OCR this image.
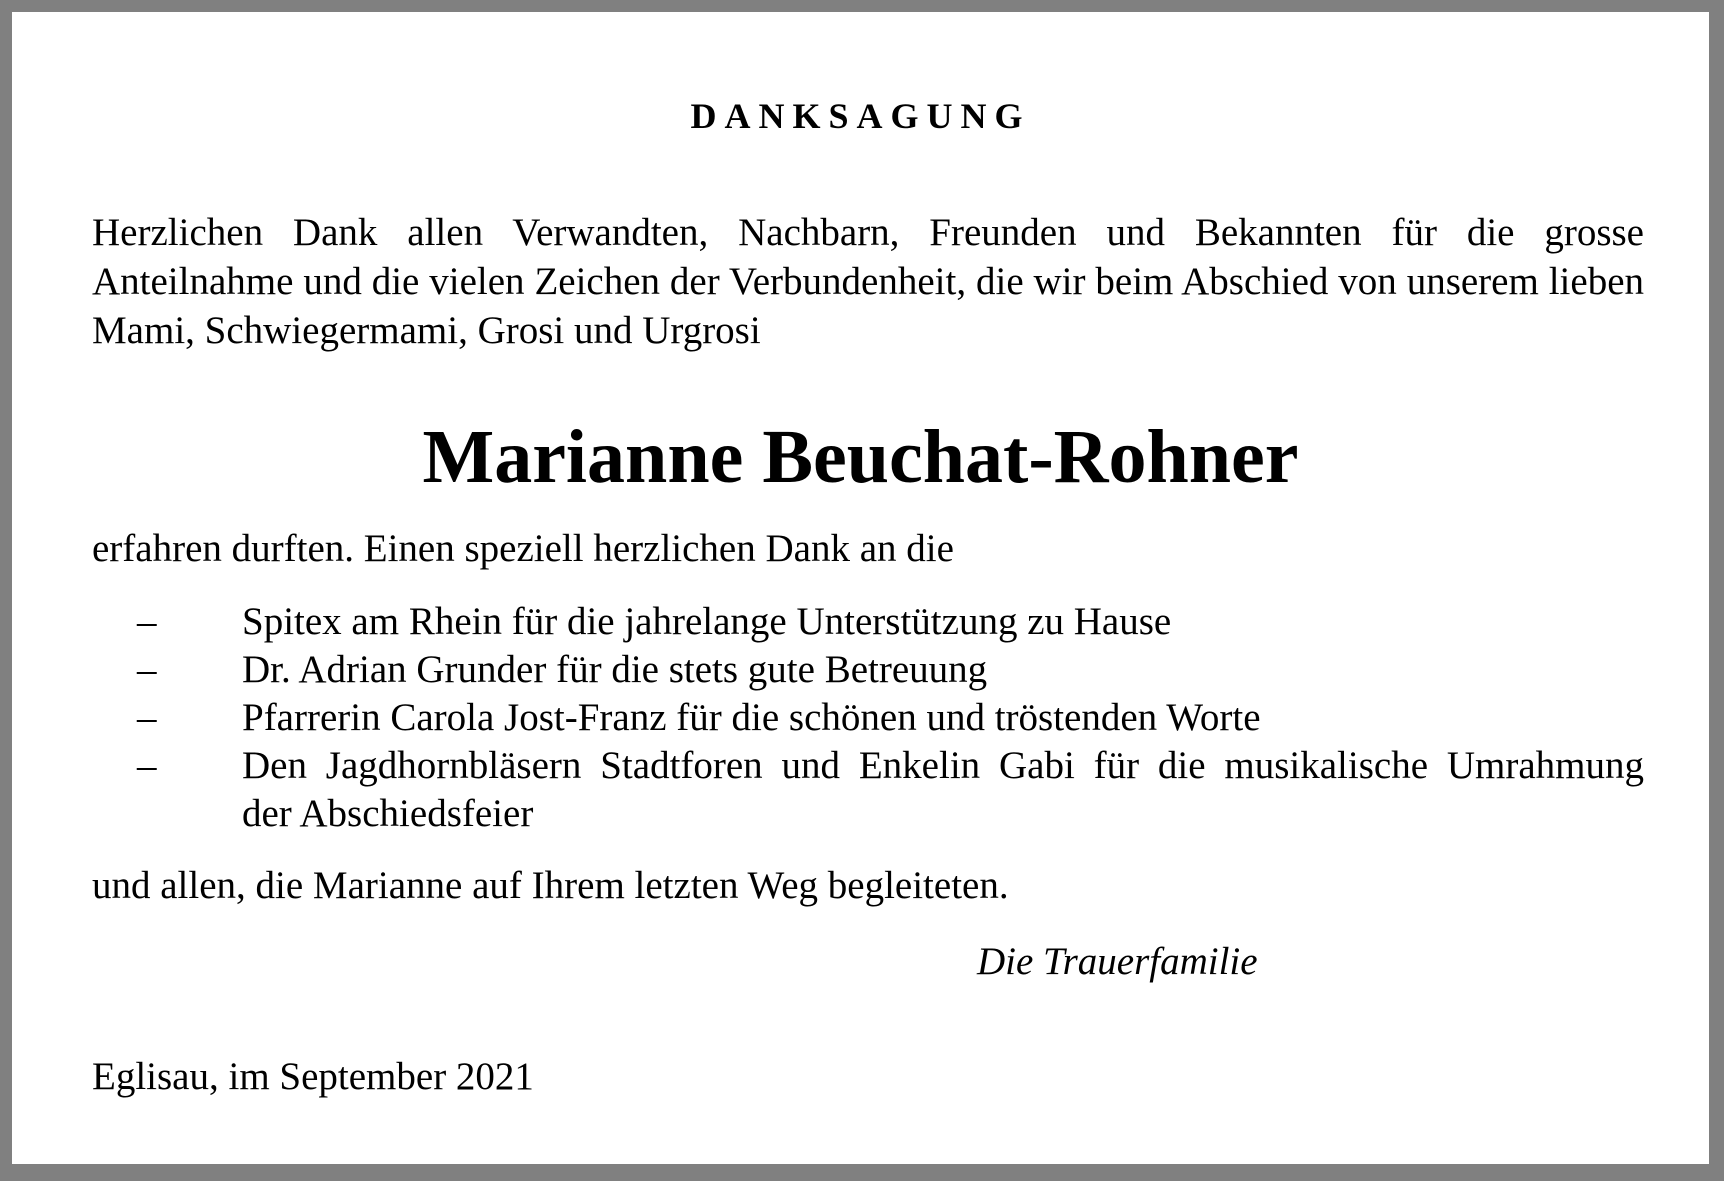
DANKSAGUNG

Herzlichen Dank allen Verwandten, Nachbarn, Freunden und Bekannten für die grosse Anteilnahme und die vielen Zeichen der Verbundenheit, die wir beim Abschied von unserem lieben Mami, Schwiegermami, Grosi und Urgrosi

Marianne Beuchat-Rohner

erfahren durften. Einen speziell herzlichen Dank an die

– Spitex am Rhein für die jahrelange Unterstützung zu Hause
– Dr. Adrian Grunder für die stets gute Betreuung
– Pfarrerin Carola Jost-Franz für die schönen und tröstenden Worte
– Den Jagdhornbläsern Stadtforen und Enkelin Gabi für die musikalische Umrahmung
der Abschiedsfeier

und allen, die Marianne auf Ihrem letzten Weg begleiteten.

Die Trauerfamilie

Eglisau, im September 2021
